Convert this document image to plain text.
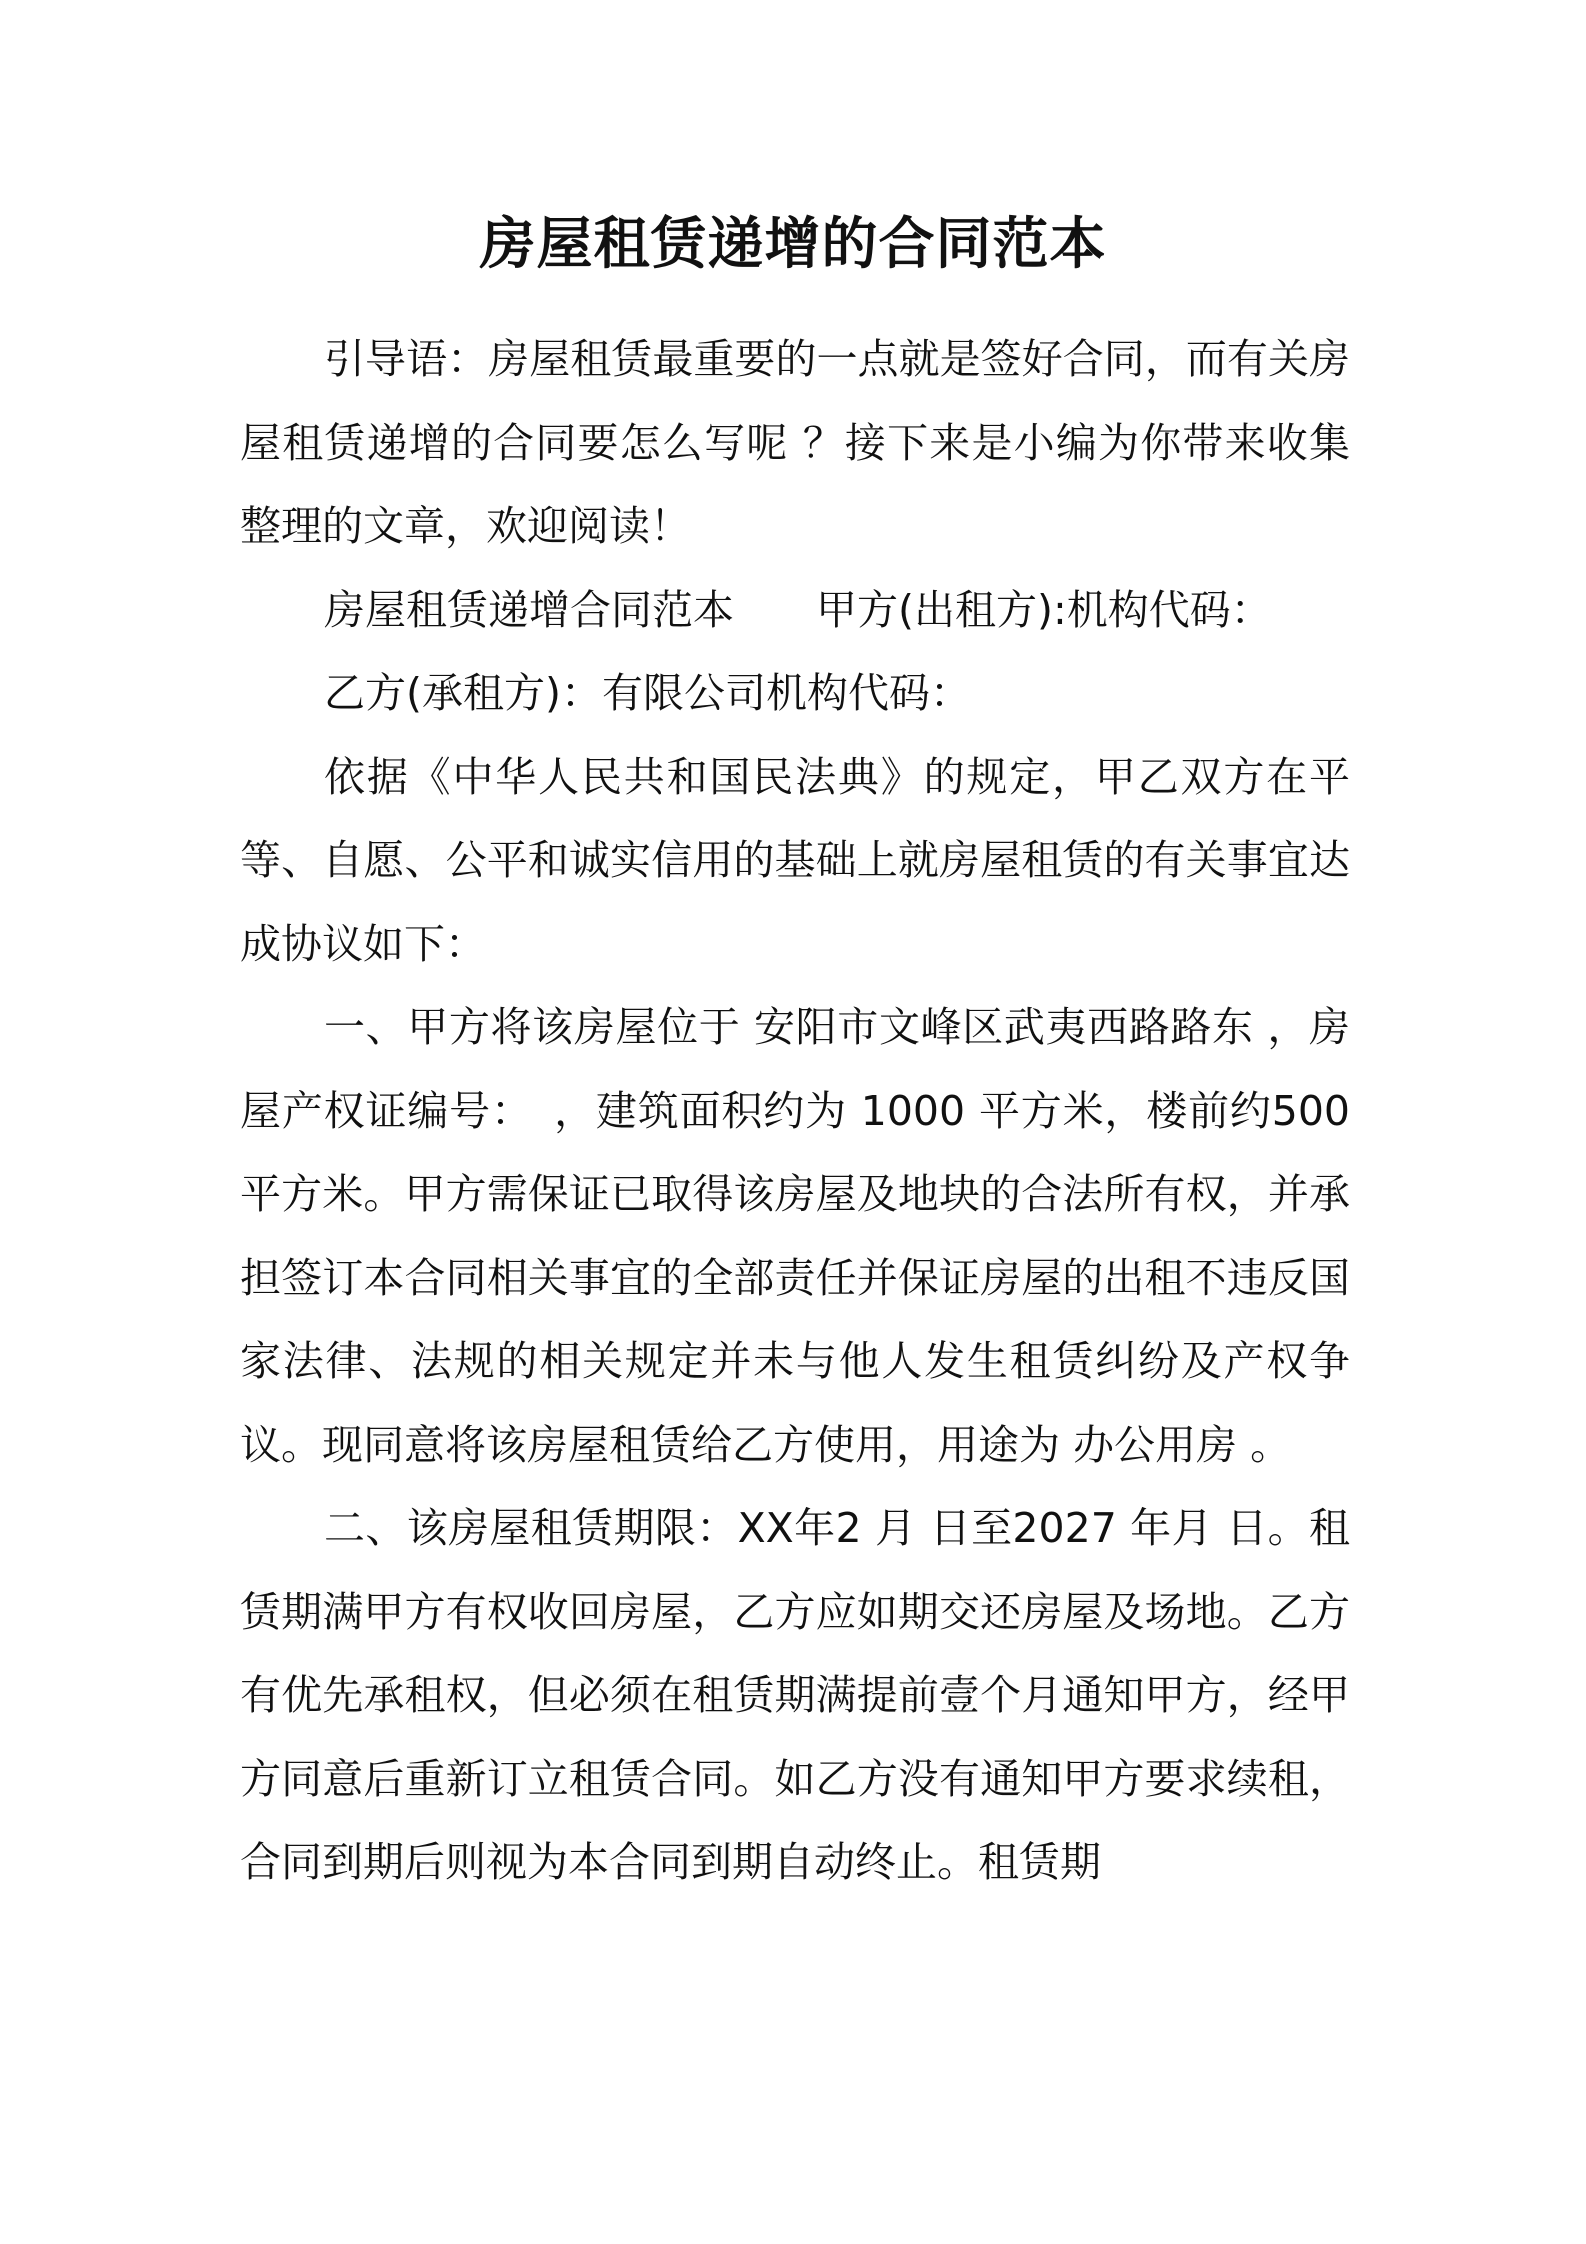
房屋租赁递增的合同范本

引导语：房屋租赁最重要的一点就是签好合同，而有关房屋租赁递增的合同要怎么写呢 ？接下来是小编为你带来收集整理的文章，欢迎阅读！

房屋租赁递增合同范本　　甲方(出租方):机构代码：

乙方(承租方)：有限公司机构代码：

依据《中华人民共和国民法典》的规定，甲乙双方在平等、自愿、公平和诚实信用的基础上就房屋租赁的有关事宜达成协议如下：

一、甲方将该房屋位于 安阳市文峰区武夷西路路东 ，房屋产权证编号：　，建筑面积约为 1000 平方米，楼前约500平方米。甲方需保证已取得该房屋及地块的合法所有权，并承担签订本合同相关事宜的全部责任并保证房屋的出租不违反国家法律、法规的相关规定并未与他人发生租赁纠纷及产权争议。现同意将该房屋租赁给乙方使用，用途为 办公用房 。

二、该房屋租赁期限：XX年2 月 日至2027 年月 日。租赁期满甲方有权收回房屋，乙方应如期交还房屋及场地。乙方有优先承租权，但必须在租赁期满提前壹个月通知甲方，经甲方同意后重新订立租赁合同。如乙方没有通知甲方要求续租，合同到期后则视为本合同到期自动终止。租赁期
